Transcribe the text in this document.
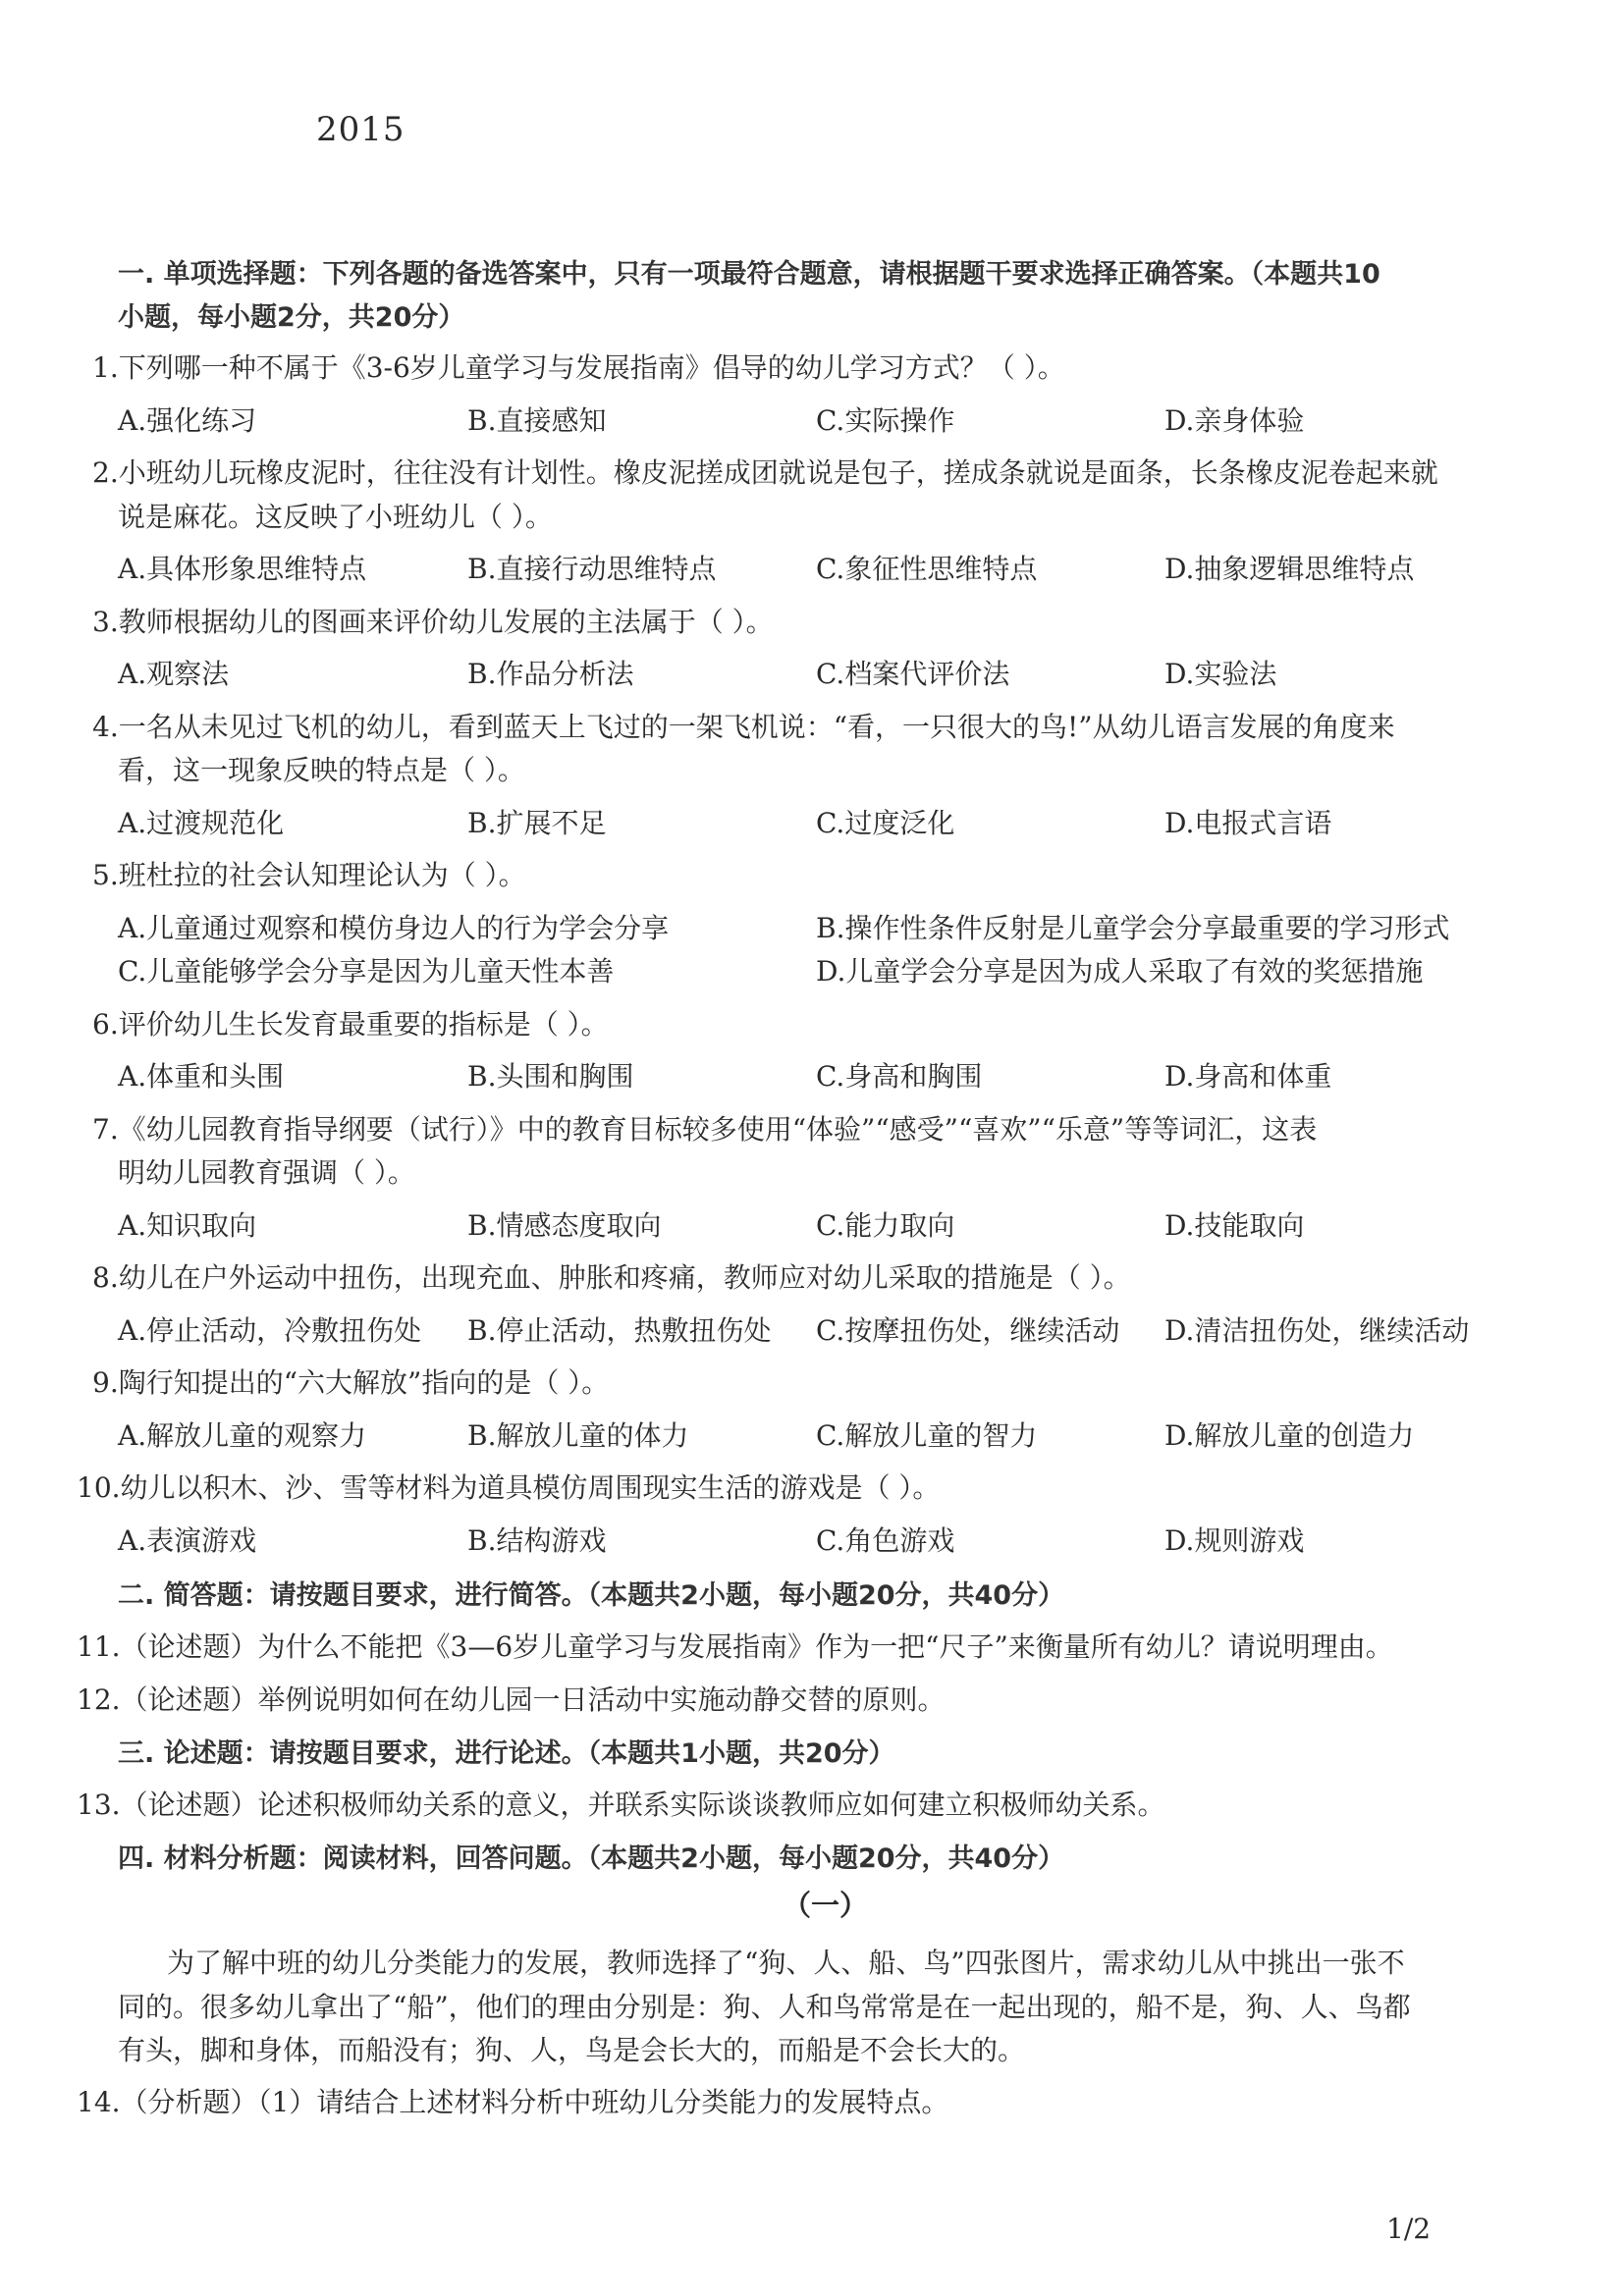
2015
一. 单项选择题：下列各题的备选答案中，只有一项最符合题意，请根据题干要求选择正确答案。（本题共10
小题，每小题2分，共20分）
1.下列哪一种不属于《3-6岁儿童学习与发展指南》倡导的幼儿学习方式？（ ）。
A.强化练习	B.直接感知	C.实际操作	D.亲身体验
2.小班幼儿玩橡皮泥时，往往没有计划性。橡皮泥搓成团就说是包子，搓成条就说是面条，长条橡皮泥卷起来就
说是麻花。这反映了小班幼儿（ ）。
A.具体形象思维特点	B.直接行动思维特点	C.象征性思维特点	D.抽象逻辑思维特点
3.教师根据幼儿的图画来评价幼儿发展的主法属于（ ）。
A.观察法	B.作品分析法	C.档案代评价法	D.实验法
4.一名从未见过飞机的幼儿，看到蓝天上飞过的一架飞机说：“看，一只很大的鸟!”从幼儿语言发展的角度来
看，这一现象反映的特点是（ ）。
A.过渡规范化	B.扩展不足	C.过度泛化	D.电报式言语
5.班杜拉的社会认知理论认为（ ）。
A.儿童通过观察和模仿身边人的行为学会分享	B.操作性条件反射是儿童学会分享最重要的学习形式
C.儿童能够学会分享是因为儿童天性本善	D.儿童学会分享是因为成人采取了有效的奖惩措施
6.评价幼儿生长发育最重要的指标是（ ）。
A.体重和头围	B.头围和胸围	C.身高和胸围	D.身高和体重
7.《幼儿园教育指导纲要（试行）》中的教育目标较多使用“体验”“感受”“喜欢”“乐意”等等词汇，这表
明幼儿园教育强调（ ）。
A.知识取向	B.情感态度取向	C.能力取向	D.技能取向
8.幼儿在户外运动中扭伤，出现充血、肿胀和疼痛，教师应对幼儿采取的措施是（ ）。
A.停止活动，冷敷扭伤处 B.停止活动，热敷扭伤处 C.按摩扭伤处，继续活动 D.清洁扭伤处，继续活动
9.陶行知提出的“六大解放”指向的是（ ）。
A.解放儿童的观察力	B.解放儿童的体力	C.解放儿童的智力	D.解放儿童的创造力
10.幼儿以积木、沙、雪等材料为道具模仿周围现实生活的游戏是（ ）。
A.表演游戏	B.结构游戏	C.角色游戏	D.规则游戏
二. 简答题：请按题目要求，进行简答。（本题共2小题，每小题20分，共40分）
11.（论述题）为什么不能把《3—6岁儿童学习与发展指南》作为一把“尺子”来衡量所有幼儿？请说明理由。
12.（论述题）举例说明如何在幼儿园一日活动中实施动静交替的原则。
三. 论述题：请按题目要求，进行论述。（本题共1小题，共20分）
13.（论述题）论述积极师幼关系的意义，并联系实际谈谈教师应如何建立积极师幼关系。
四. 材料分析题：阅读材料，回答问题。（本题共2小题，每小题20分，共40分）
（一）
为了解中班的幼儿分类能力的发展，教师选择了“狗、人、船、鸟”四张图片，需求幼儿从中挑出一张不
同的。很多幼儿拿出了“船”，他们的理由分别是：狗、人和鸟常常是在一起出现的，船不是，狗、人、鸟都
有头，脚和身体，而船没有；狗、人，鸟是会长大的，而船是不会长大的。
14.（分析题）（1）请结合上述材料分析中班幼儿分类能力的发展特点。
1/2
